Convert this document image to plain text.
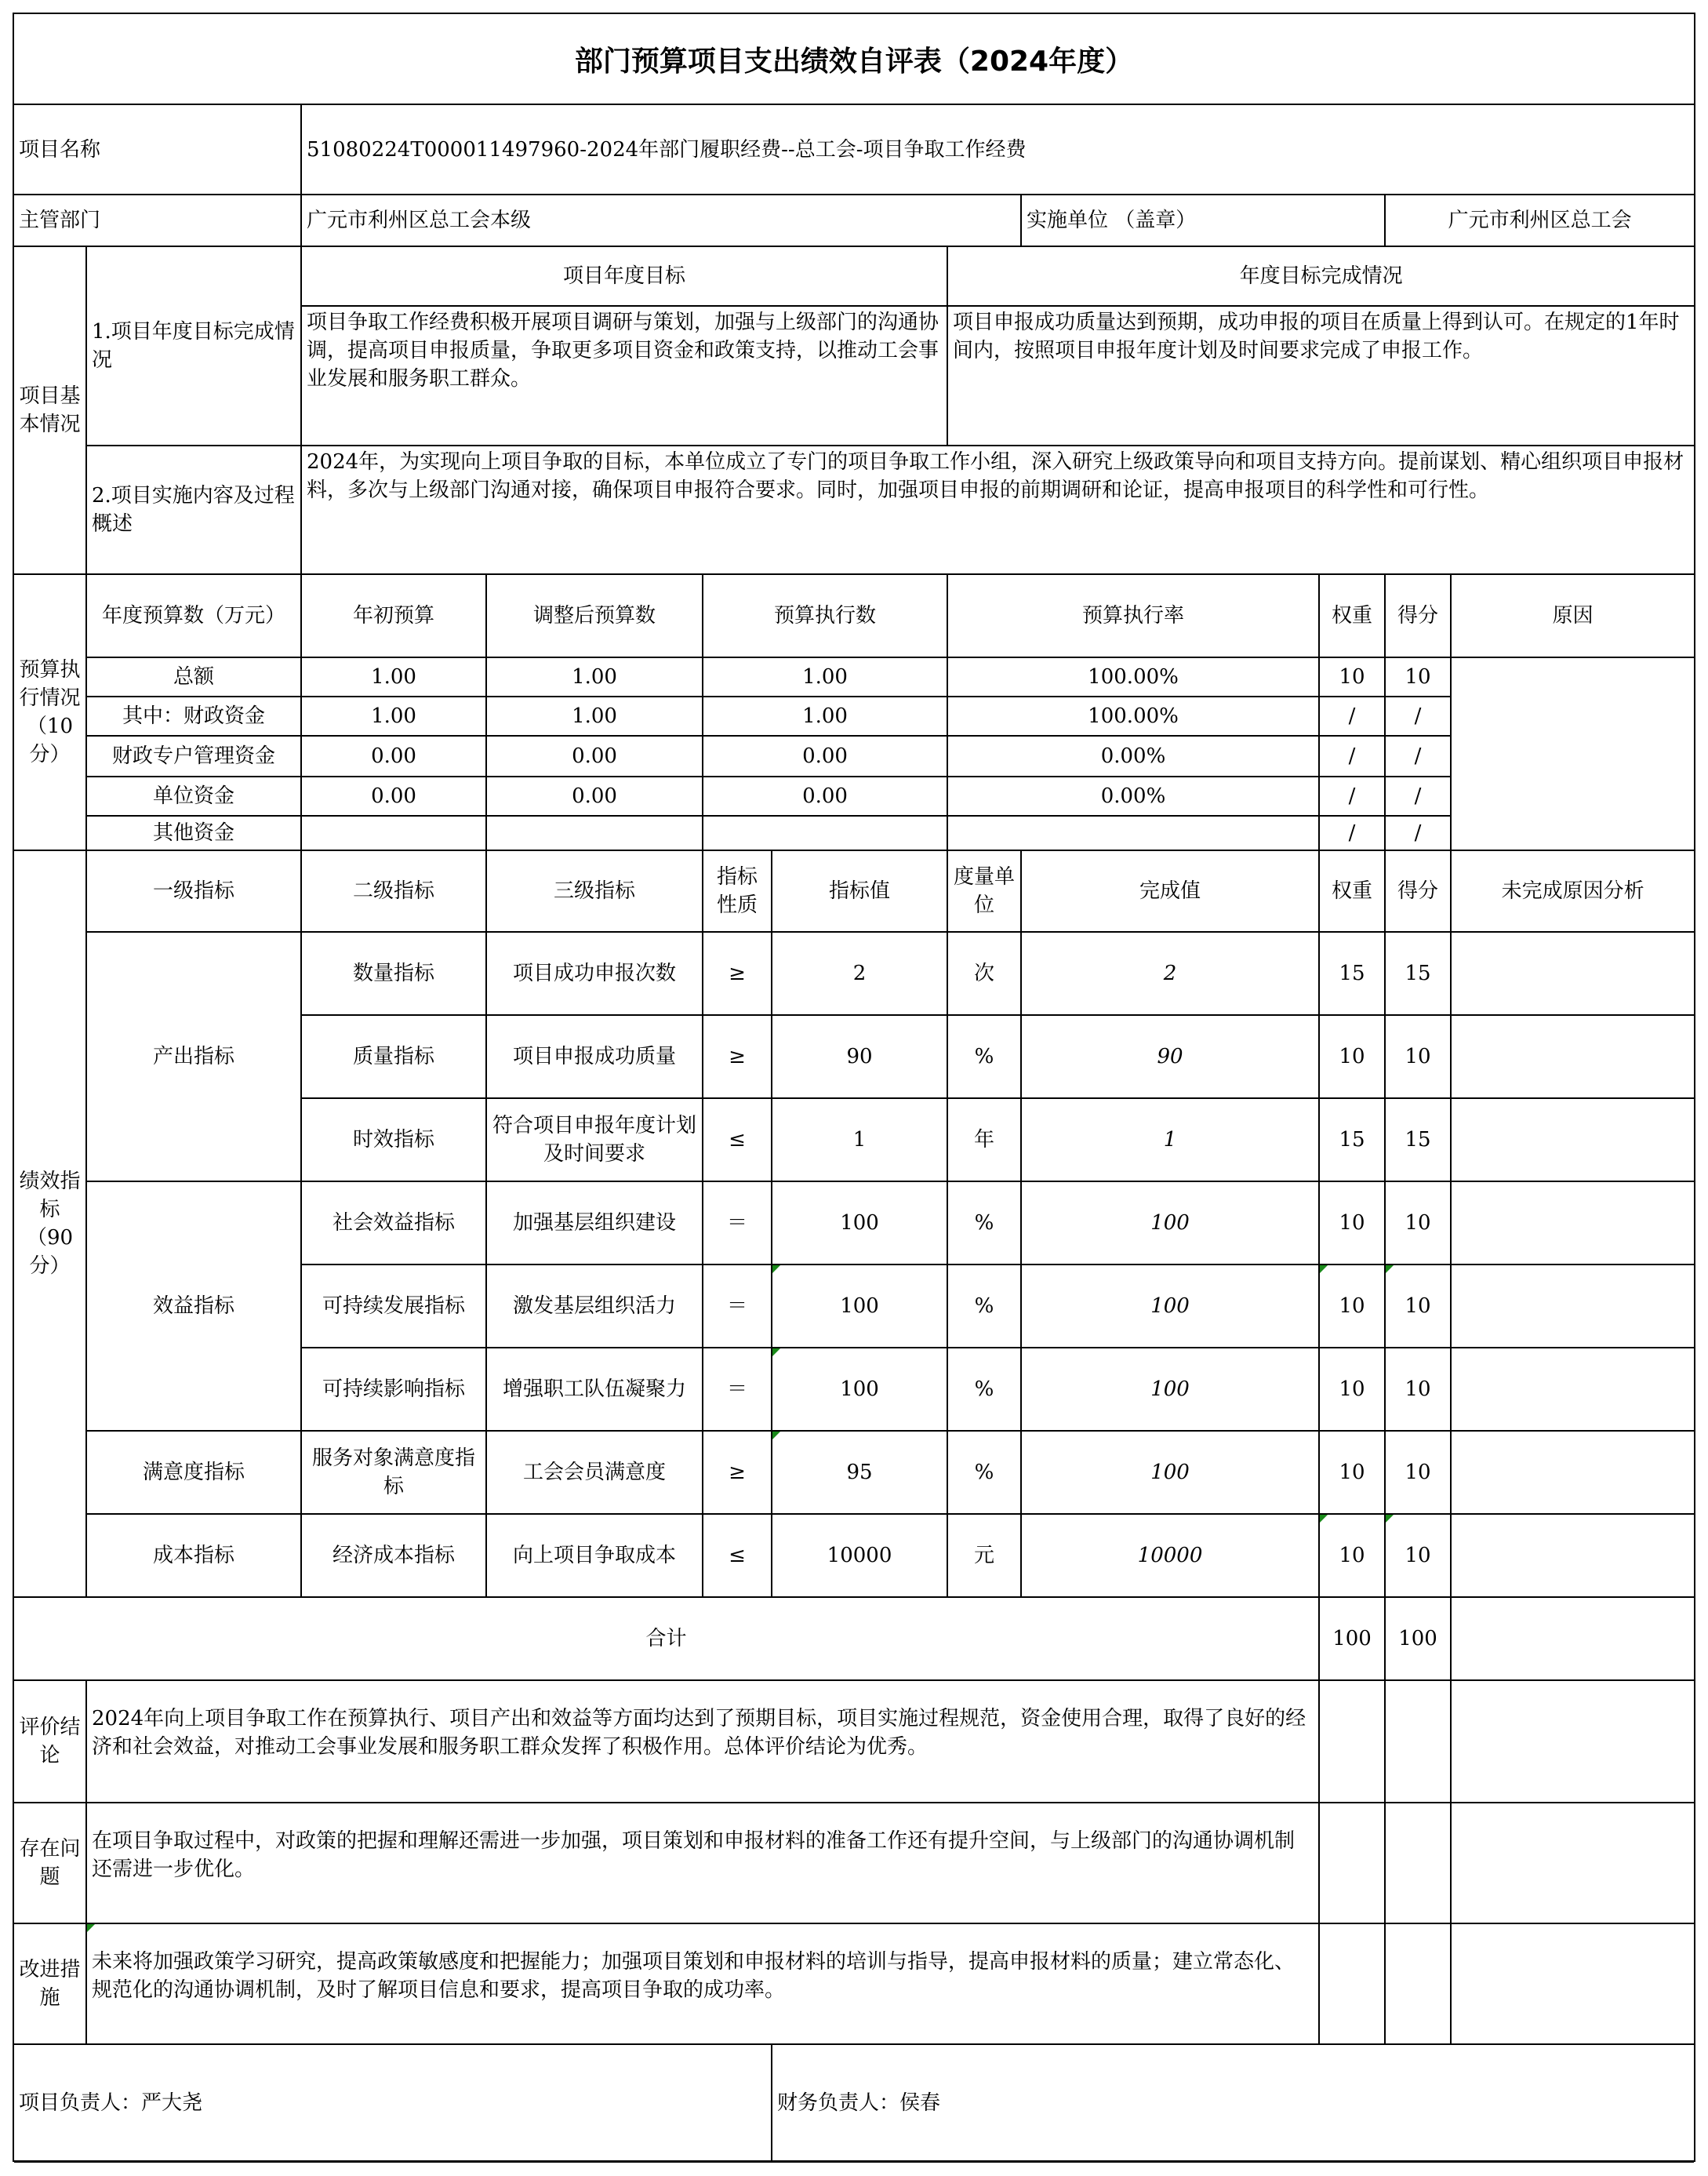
部门预算项目支出绩效自评表（2024年度）
项目名称		51080224T000011497960-2024年部门履职经费--总工会-项目争取工作经费								
主管部门		广元市利州区总工会本级					实施单位 （盖章）		广元市利州区总工会	
项目基本情况	1.项目年度目标完成情况	项目年度目标				年度目标完成情况				
		项目争取工作经费积极开展项目调研与策划，加强与上级部门的沟通协调，提高项目申报质量，争取更多项目资金和政策支持，以推动工会事业发展和服务职工群众。				项目申报成功质量达到预期，成功申报的项目在质量上得到认可。在规定的1年时间内，按照项目申报年度计划及时间要求完成了申报工作。				
	2.项目实施内容及过程概述	2024年，为实现向上项目争取的目标，本单位成立了专门的项目争取工作小组，深入研究上级政策导向和项目支持方向。提前谋划、精心组织项目申报材料，多次与上级部门沟通对接，确保项目申报符合要求。同时，加强项目申报的前期调研和论证，提高申报项目的科学性和可行性。								
预算执行情况（10分）	年度预算数（万元）	年初预算	调整后预算数	预算执行数		预算执行率		权重	得分	原因
	总额	1.00	1.00	1.00		100.00%		10	10	
	其中：财政资金	1.00	1.00	1.00		100.00%		/	/	
	财政专户管理资金	0.00	0.00	0.00		0.00%		/	/	
	单位资金	0.00	0.00	0.00		0.00%		/	/	
	其他资金							/	/	
绩效指标（90分）	一级指标	二级指标	三级指标	指标性质	指标值	度量单位	完成值	权重	得分	未完成原因分析
	产出指标	数量指标	项目成功申报次数	≥	2	次	2	15	15	
		质量指标	项目申报成功质量	≥	90	%	90	10	10	
		时效指标	符合项目申报年度计划及时间要求	≤	1	年	1	15	15	
	效益指标	社会效益指标	加强基层组织建设	＝	100	%	100	10	10	
		可持续发展指标	激发基层组织活力	＝	100	%	100	10	10	
		可持续影响指标	增强职工队伍凝聚力	＝	100	%	100	10	10	
	满意度指标	服务对象满意度指标	工会会员满意度	≥	95	%	100	10	10	
	成本指标	经济成本指标	向上项目争取成本	≤	10000	元	10000	10	10	
合计								100	100	
评价结论	2024年向上项目争取工作在预算执行、项目产出和效益等方面均达到了预期目标，项目实施过程规范，资金使用合理，取得了良好的经济和社会效益，对推动工会事业发展和服务职工群众发挥了积极作用。总体评价结论为优秀。									
存在问题	在项目争取过程中，对政策的把握和理解还需进一步加强，项目策划和申报材料的准备工作还有提升空间，与上级部门的沟通协调机制还需进一步优化。									
改进措施	未来将加强政策学习研究，提高政策敏感度和把握能力；加强项目策划和申报材料的培训与指导，提高申报材料的质量；建立常态化、规范化的沟通协调机制，及时了解项目信息和要求，提高项目争取的成功率。									
项目负责人：严大尧					财务负责人：侯春					
